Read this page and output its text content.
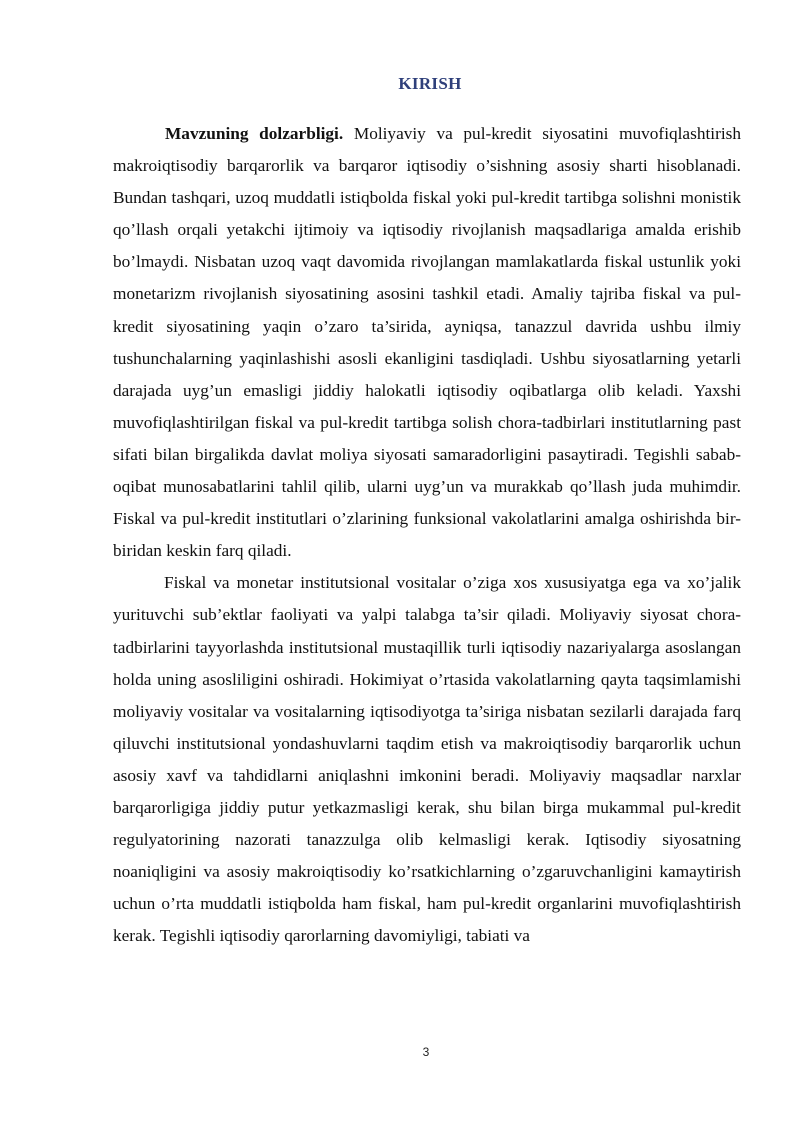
KIRISH

Mavzuning dolzarbligi. Moliyaviy va pul-kredit siyosatini muvofiqlashtirish makroiqtisodiy barqarorlik va barqaror iqtisodiy o’sishning asosiy sharti hisoblanadi. Bundan tashqari, uzoq muddatli istiqbolda fiskal yoki pul-kredit tartibga solishni monistik qo’llash orqali yetakchi ijtimoiy va iqtisodiy rivojlanish maqsadlariga amalda erishib bo’lmaydi. Nisbatan uzoq vaqt davomida rivojlangan mamlakatlarda fiskal ustunlik yoki monetarizm rivojlanish siyosatining asosini tashkil etadi. Amaliy tajriba fiskal va pul-kredit siyosatining yaqin o’zaro ta’sirida, ayniqsa, tanazzul davrida ushbu ilmiy tushunchalarning yaqinlashishi asosli ekanligini tasdiqladi. Ushbu siyosatlarning yetarli darajada uyg’un emasligi jiddiy halokatli iqtisodiy oqibatlarga olib keladi. Yaxshi muvofiqlashtirilgan fiskal va pul-kredit tartibga solish chora-tadbirlari institutlarning past sifati bilan birgalikda davlat moliya siyosati samaradorligini pasaytiradi. Tegishli sabab-oqibat munosabatlarini tahlil qilib, ularni uyg’un va murakkab qo’llash juda muhimdir. Fiskal va pul-kredit institutlari o’zlarining funksional vakolatlarini amalga oshirishda bir-biridan keskin farq qiladi.

Fiskal va monetar institutsional vositalar o’ziga xos xususiyatga ega va xo’jalik yurituvchi sub’ektlar faoliyati va yalpi talabga ta’sir qiladi. Moliyaviy siyosat chora-tadbirlarini tayyorlashda institutsional mustaqillik turli iqtisodiy nazariyalarga asoslangan holda uning asosliligini oshiradi. Hokimiyat o’rtasida vakolatlarning qayta taqsimlamishi moliyaviy vositalar va vositalarning iqtisodiyotga ta’siriga nisbatan sezilarli darajada farq qiluvchi institutsional yondashuvlarni taqdim etish va makroiqtisodiy barqarorlik uchun asosiy xavf va tahdidlarni aniqlashni imkonini beradi. Moliyaviy maqsadlar narxlar barqarorligiga jiddiy putur yetkazmasligi kerak, shu bilan birga mukammal pul-kredit regulyatorining nazorati tanazzulga olib kelmasligi kerak. Iqtisodiy siyosatning noaniqligini va asosiy makroiqtisodiy ko’rsatkichlarning o’zgaruvchanligini kamaytirish uchun o’rta muddatli istiqbolda ham fiskal, ham pul-kredit organlarini muvofiqlashtirish kerak. Tegishli iqtisodiy qarorlarning davomiyligi, tabiati va

3
